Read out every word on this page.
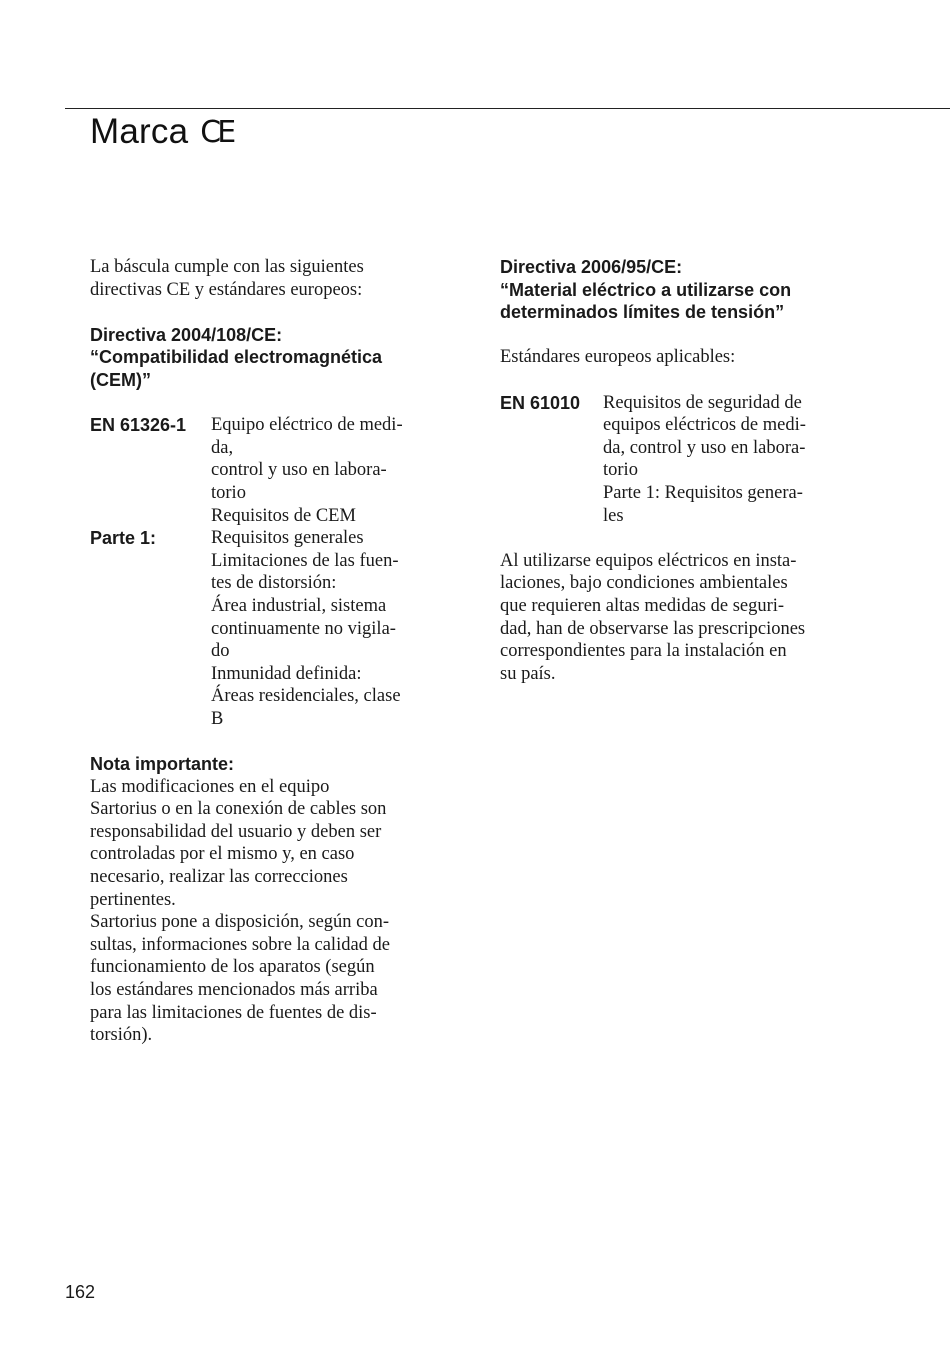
Marca CE

La báscula cumple con las siguientes

directivas CE y estándares europeos:

Directiva 2004/108/CE:

“Compatibilidad electromagnética

(CEM)”

EN 61326-1	Equipo eléctrico de medi-

da,

control y uso en labora-

torio

Requisitos de CEM

Parte 1:	Requisitos generales

Limitaciones de las fuen-

tes de distorsión:

Área industrial, sistema

continuamente no vigila-

do

Inmunidad definida:

Áreas residenciales, clase

B

Nota importante:

Las modificaciones en el equipo

Sartorius o en la conexión de cables son

responsabilidad del usuario y deben ser

controladas por el mismo y, en caso

necesario, realizar las correcciones

pertinentes.

Sartorius pone a disposición, según con-

sultas, informaciones sobre la calidad de

funcionamiento de los aparatos (según

los estándares mencionados más arriba

para las limitaciones de fuentes de dis-

torsión).

Directiva 2006/95/CE:

“Material eléctrico a utilizarse con

determinados límites de tensión”

Estándares europeos aplicables:

EN 61010	Requisitos de seguridad de

equipos eléctricos de medi-

da, control y uso en labora-

torio

Parte 1: Requisitos genera-

les

Al utilizarse equipos eléctricos en insta-

laciones, bajo condiciones ambientales

que requieren altas medidas de seguri-

dad, han de observarse las prescripciones

correspondientes para la instalación en

su país.

162
